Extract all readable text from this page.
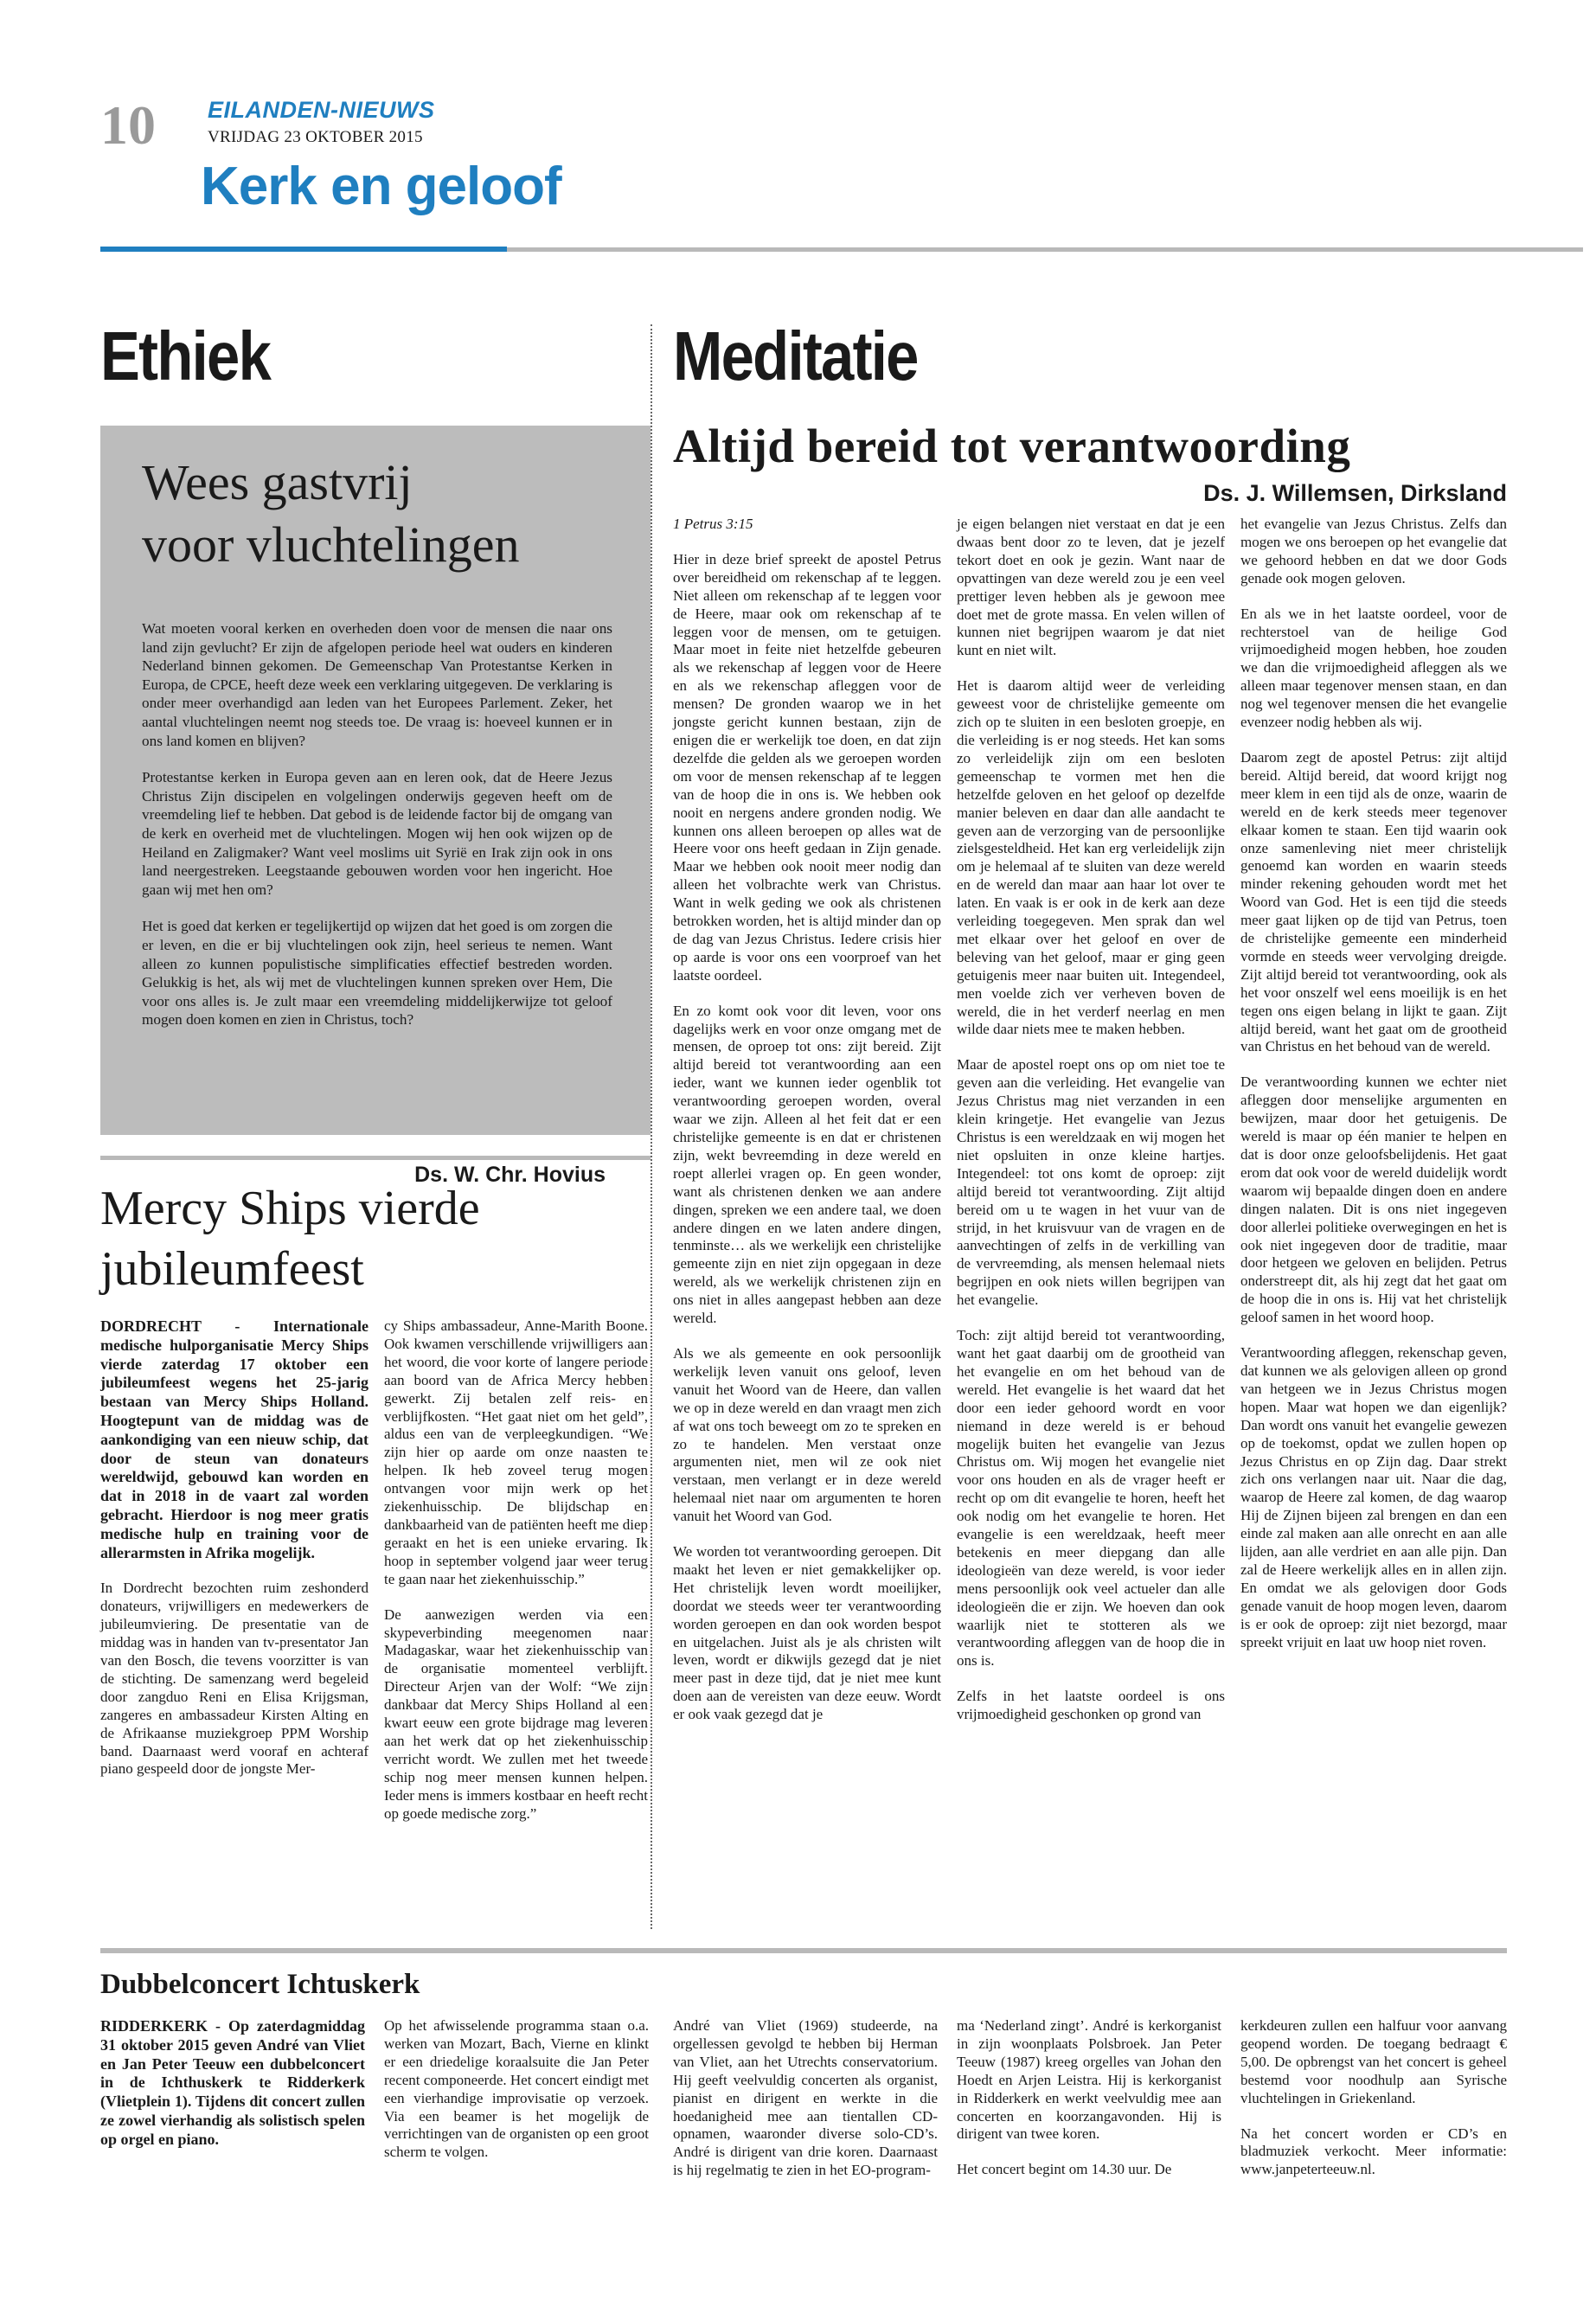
10 EILANDEN-NIEUWS
VRIJDAG 23 OKTOBER 2015
Kerk en geloof
Ethiek	Meditatie
Wees gastvrij
voor vluchtelingen
Ds. W. Chr. Hovius

Wat moeten vooral kerken en overheden doen voor de mensen die naar ons land zijn gevlucht? Er zijn de afgelopen periode heel wat ouders en kinderen Nederland binnen gekomen. De Gemeenschap Van Protestantse Kerken in Europa, de CPCE, heeft deze week een verklaring uitgegeven. De verklaring is onder meer overhandigd aan leden van het Europees Parlement. Zeker, het aantal vluchtelingen neemt nog steeds toe. De vraag is: hoeveel kunnen er in ons land komen en blijven?

Protestantse kerken in Europa geven aan en leren ook, dat de Heere Jezus Christus Zijn discipelen en volgelingen onderwijs gegeven heeft om de vreemdeling lief te hebben. Dat gebod is de leidende factor bij de omgang van de kerk en overheid met de vluchtelingen. Mogen wij hen ook wijzen op de Heiland en Zaligmaker? Want veel moslims uit Syrië en Irak zijn ook in ons land neergestreken. Leegstaande gebouwen worden voor hen ingericht. Hoe gaan wij met hen om?

Het is goed dat kerken er tegelijkertijd op wijzen dat het goed is om zorgen die er leven, en die er bij vluchtelingen ook zijn, heel serieus te nemen. Want alleen zo kunnen populistische simplificaties effectief bestreden worden. Gelukkig is het, als wij met de vluchtelingen kunnen spreken over Hem, Die voor ons alles is. Je zult maar een vreemdeling middelijkerwijze tot geloof mogen doen komen en zien in Christus, toch?

Mercy Ships vierde
jubileumfeest

DORDRECHT - Internationale medische hulporganisatie Mercy Ships vierde zaterdag 17 oktober een jubileumfeest wegens het 25-jarig bestaan van Mercy Ships Holland. Hoogtepunt van de middag was de aankondiging van een nieuw schip, dat door de steun van donateurs wereldwijd, gebouwd kan worden en dat in 2018 in de vaart zal worden gebracht. Hierdoor is nog meer gratis medische hulp en training voor de allerarmsten in Afrika mogelijk.

In Dordrecht bezochten ruim zeshonderd donateurs, vrijwilligers en medewerkers de jubileumviering. De presentatie van de middag was in handen van tv-presentator Jan van den Bosch, die tevens voorzitter is van de stichting. De samenzang werd begeleid door zangduo Reni en Elisa Krijgsman, zangeres en ambassadeur Kirsten Alting en de Afrikaanse muziekgroep PPM Worship band. Daarnaast werd vooraf en achteraf piano gespeeld door de jongste Mer-

cy Ships ambassadeur, Anne-Marith Boone. Ook kwamen verschillende vrijwilligers aan het woord, die voor korte of langere periode aan boord van de Africa Mercy hebben gewerkt. Zij betalen zelf reis- en verblijfkosten. “Het gaat niet om het geld”, aldus een van de verpleegkundigen. “We zijn hier op aarde om onze naasten te helpen. Ik heb zoveel terug mogen ontvangen voor mijn werk op het ziekenhuisschip. De blijdschap en dankbaarheid van de patiënten heeft me diep geraakt en het is een unieke ervaring. Ik hoop in september volgend jaar weer terug te gaan naar het ziekenhuisschip.”

De aanwezigen werden via een skypeverbinding meegenomen naar Madagaskar, waar het ziekenhuisschip van de organisatie momenteel verblijft. Directeur Arjen van der Wolf: “We zijn dankbaar dat Mercy Ships Holland al een kwart eeuw een grote bijdrage mag leveren aan het werk dat op het ziekenhuisschip verricht wordt. We zullen met het tweede schip nog meer mensen kunnen helpen. Ieder mens is immers kostbaar en heeft recht op goede medische zorg.”

Altijd bereid tot verantwoording
Ds. J. Willemsen, Dirksland

1 Petrus 3:15

Hier in deze brief spreekt de apostel Petrus over bereidheid om rekenschap af te leggen. Niet alleen om rekenschap af te leggen voor de Heere, maar ook om rekenschap af te leggen voor de mensen, om te getuigen. Maar moet in feite niet hetzelfde gebeuren als we rekenschap af leggen voor de Heere en als we rekenschap afleggen voor de mensen? De gronden waarop we in het jongste gericht kunnen bestaan, zijn de enigen die er werkelijk toe doen, en dat zijn dezelfde die gelden als we geroepen worden om voor de mensen rekenschap af te leggen van de hoop die in ons is. We hebben ook nooit en nergens andere gronden nodig. We kunnen ons alleen beroepen op alles wat de Heere voor ons heeft gedaan in Zijn genade. Maar we hebben ook nooit meer nodig dan alleen het volbrachte werk van Christus. Want in welk geding we ook als christenen betrokken worden, het is altijd minder dan op de dag van Jezus Christus. Iedere crisis hier op aarde is voor ons een voorproef van het laatste oordeel.

En zo komt ook voor dit leven, voor ons dagelijks werk en voor onze omgang met de mensen, de oproep tot ons: zijt bereid. Zijt altijd bereid tot verantwoording aan een ieder, want we kunnen ieder ogenblik tot verantwoording geroepen worden, overal waar we zijn. Alleen al het feit dat er een christelijke gemeente is en dat er christenen zijn, wekt bevreemding in deze wereld en roept allerlei vragen op. En geen wonder, want als christenen denken we aan andere dingen, spreken we een andere taal, we doen andere dingen en we laten andere dingen, tenminste… als we werkelijk een christelijke gemeente zijn en niet zijn opgegaan in deze wereld, als we werkelijk christenen zijn en ons niet in alles aangepast hebben aan deze wereld.

Als we als gemeente en ook persoonlijk werkelijk leven vanuit ons geloof, leven vanuit het Woord van de Heere, dan vallen we op in deze wereld en dan vraagt men zich af wat ons toch beweegt om zo te spreken en zo te handelen. Men verstaat onze argumenten niet, men wil ze ook niet verstaan, men verlangt er in deze wereld helemaal niet naar om argumenten te horen vanuit het Woord van God.

We worden tot verantwoording geroepen. Dit maakt het leven er niet gemakkelijker op. Het christelijk leven wordt moeilijker, doordat we steeds weer ter verantwoording worden geroepen en dan ook worden bespot en uitgelachen. Juist als je als christen wilt leven, wordt er dikwijls gezegd dat je niet meer past in deze tijd, dat je niet mee kunt doen aan de vereisten van deze eeuw. Wordt er ook vaak gezegd dat je

je eigen belangen niet verstaat en dat je een dwaas bent door zo te leven, dat je jezelf tekort doet en ook je gezin. Want naar de opvattingen van deze wereld zou je een veel prettiger leven hebben als je gewoon mee doet met de grote massa. En velen willen of kunnen niet begrijpen waarom je dat niet kunt en niet wilt.

Het is daarom altijd weer de verleiding geweest voor de christelijke gemeente om zich op te sluiten in een besloten groepje, en die verleiding is er nog steeds. Het kan soms zo verleidelijk zijn om een besloten gemeenschap te vormen met hen die hetzelfde geloven en het geloof op dezelfde manier beleven en daar dan alle aandacht te geven aan de verzorging van de persoonlijke zielsgesteldheid. Het kan erg verleidelijk zijn om je helemaal af te sluiten van deze wereld en de wereld dan maar aan haar lot over te laten. En vaak is er ook in de kerk aan deze verleiding toegegeven. Men sprak dan wel met elkaar over het geloof en over de beleving van het geloof, maar er ging geen getuigenis meer naar buiten uit. Integendeel, men voelde zich ver verheven boven de wereld, die in het verderf neerlag en men wilde daar niets mee te maken hebben.

Maar de apostel roept ons op om niet toe te geven aan die verleiding. Het evangelie van Jezus Christus mag niet verzanden in een klein kringetje. Het evangelie van Jezus Christus is een wereldzaak en wij mogen het niet opsluiten in onze kleine hartjes. Integendeel: tot ons komt de oproep: zijt altijd bereid tot verantwoording. Zijt altijd bereid om u te wagen in het vuur van de strijd, in het kruisvuur van de vragen en de aanvechtingen of zelfs in de verkilling van de vervreemding, als mensen helemaal niets begrijpen en ook niets willen begrijpen van het evangelie.

Toch: zijt altijd bereid tot verantwoording, want het gaat daarbij om de grootheid van het evangelie en om het behoud van de wereld. Het evangelie is het waard dat het door een ieder gehoord wordt en voor niemand in deze wereld is er behoud mogelijk buiten het evangelie van Jezus Christus om. Wij mogen het evangelie niet voor ons houden en als de vrager heeft er recht op om dit evangelie te horen, heeft het ook nodig om het evangelie te horen. Het evangelie is een wereldzaak, heeft meer betekenis en meer diepgang dan alle ideologieën van deze wereld, is voor ieder mens persoonlijk ook veel actueler dan alle ideologieën die er zijn. We hoeven dan ook waarlijk niet te stotteren als we verantwoording afleggen van de hoop die in ons is.

Zelfs in het laatste oordeel is ons vrijmoedigheid geschonken op grond van

het evangelie van Jezus Christus. Zelfs dan mogen we ons beroepen op het evangelie dat we gehoord hebben en dat we door Gods genade ook mogen geloven.

En als we in het laatste oordeel, voor de rechterstoel van de heilige God vrijmoedigheid mogen hebben, hoe zouden we dan die vrijmoedigheid afleggen als we alleen maar tegenover mensen staan, en dan nog wel tegenover mensen die het evangelie evenzeer nodig hebben als wij.

Daarom zegt de apostel Petrus: zijt altijd bereid. Altijd bereid, dat woord krijgt nog meer klem in een tijd als de onze, waarin de wereld en de kerk steeds meer tegenover elkaar komen te staan. Een tijd waarin ook onze samenleving niet meer christelijk genoemd kan worden en waarin steeds minder rekening gehouden wordt met het Woord van God. Het is een tijd die steeds meer gaat lijken op de tijd van Petrus, toen de christelijke gemeente een minderheid vormde en steeds weer vervolging dreigde. Zijt altijd bereid tot verantwoording, ook als het voor onszelf wel eens moeilijk is en het tegen ons eigen belang in lijkt te gaan. Zijt altijd bereid, want het gaat om de grootheid van Christus en het behoud van de wereld.

De verantwoording kunnen we echter niet afleggen door menselijke argumenten en bewijzen, maar door het getuigenis. De wereld is maar op één manier te helpen en dat is door onze geloofsbelijdenis. Het gaat erom dat ook voor de wereld duidelijk wordt waarom wij bepaalde dingen doen en andere dingen nalaten. Dit is ons niet ingegeven door allerlei politieke overwegingen en het is ook niet ingegeven door de traditie, maar door hetgeen we geloven en belijden. Petrus onderstreept dit, als hij zegt dat het gaat om de hoop die in ons is. Hij vat het christelijk geloof samen in het woord hoop.

Verantwoording afleggen, rekenschap geven, dat kunnen we als gelovigen alleen op grond van hetgeen we in Jezus Christus mogen hopen. Maar wat hopen we dan eigenlijk? Dan wordt ons vanuit het evangelie gewezen op de toekomst, opdat we zullen hopen op Jezus Christus en op Zijn dag. Daar strekt zich ons verlangen naar uit. Naar die dag, waarop de Heere zal komen, de dag waarop Hij de Zijnen bijeen zal brengen en dan een einde zal maken aan alle onrecht en aan alle lijden, aan alle verdriet en aan alle pijn. Dan zal de Heere werkelijk alles en in allen zijn. En omdat we als gelovigen door Gods genade vanuit de hoop mogen leven, daarom is er ook de oproep: zijt niet bezorgd, maar spreekt vrijuit en laat uw hoop niet roven.

Dubbelconcert Ichtuskerk

RIDDERKERK - Op zaterdagmiddag 31 oktober 2015 geven André van Vliet en Jan Peter Teeuw een dubbelconcert in de Ichthuskerk te Ridderkerk (Vlietplein 1). Tijdens dit concert zullen ze zowel vierhandig als solistisch spelen op orgel en piano.

Op het afwisselende programma staan o.a. werken van Mozart, Bach, Vierne en klinkt er een driedelige koraalsuite die Jan Peter recent componeerde. Het concert eindigt met een vierhandige improvisatie op verzoek. Via een beamer is het mogelijk de verrichtingen van de organisten op een groot scherm te volgen.

André van Vliet (1969) studeerde, na orgellessen gevolgd te hebben bij Herman van Vliet, aan het Utrechts conservatorium. Hij geeft veelvuldig concerten als organist, pianist en dirigent en werkte in die hoedanigheid mee aan tientallen CD-opnamen, waaronder diverse solo-CD’s. André is dirigent van drie koren. Daarnaast is hij regelmatig te zien in het EO-program-

ma ‘Nederland zingt’. André is kerkorganist in zijn woonplaats Polsbroek. Jan Peter Teeuw (1987) kreeg orgelles van Johan den Hoedt en Arjen Leistra. Hij is kerkorganist in Ridderkerk en werkt veelvuldig mee aan concerten en koorzangavonden. Hij is dirigent van twee koren.

Het concert begint om 14.30 uur. De

kerkdeuren zullen een halfuur voor aanvang geopend worden. De toegang bedraagt € 5,00. De opbrengst van het concert is geheel bestemd voor noodhulp aan Syrische vluchtelingen in Griekenland.

Na het concert worden er CD’s en bladmuziek verkocht. Meer informatie: www.janpeterteeuw.nl.
